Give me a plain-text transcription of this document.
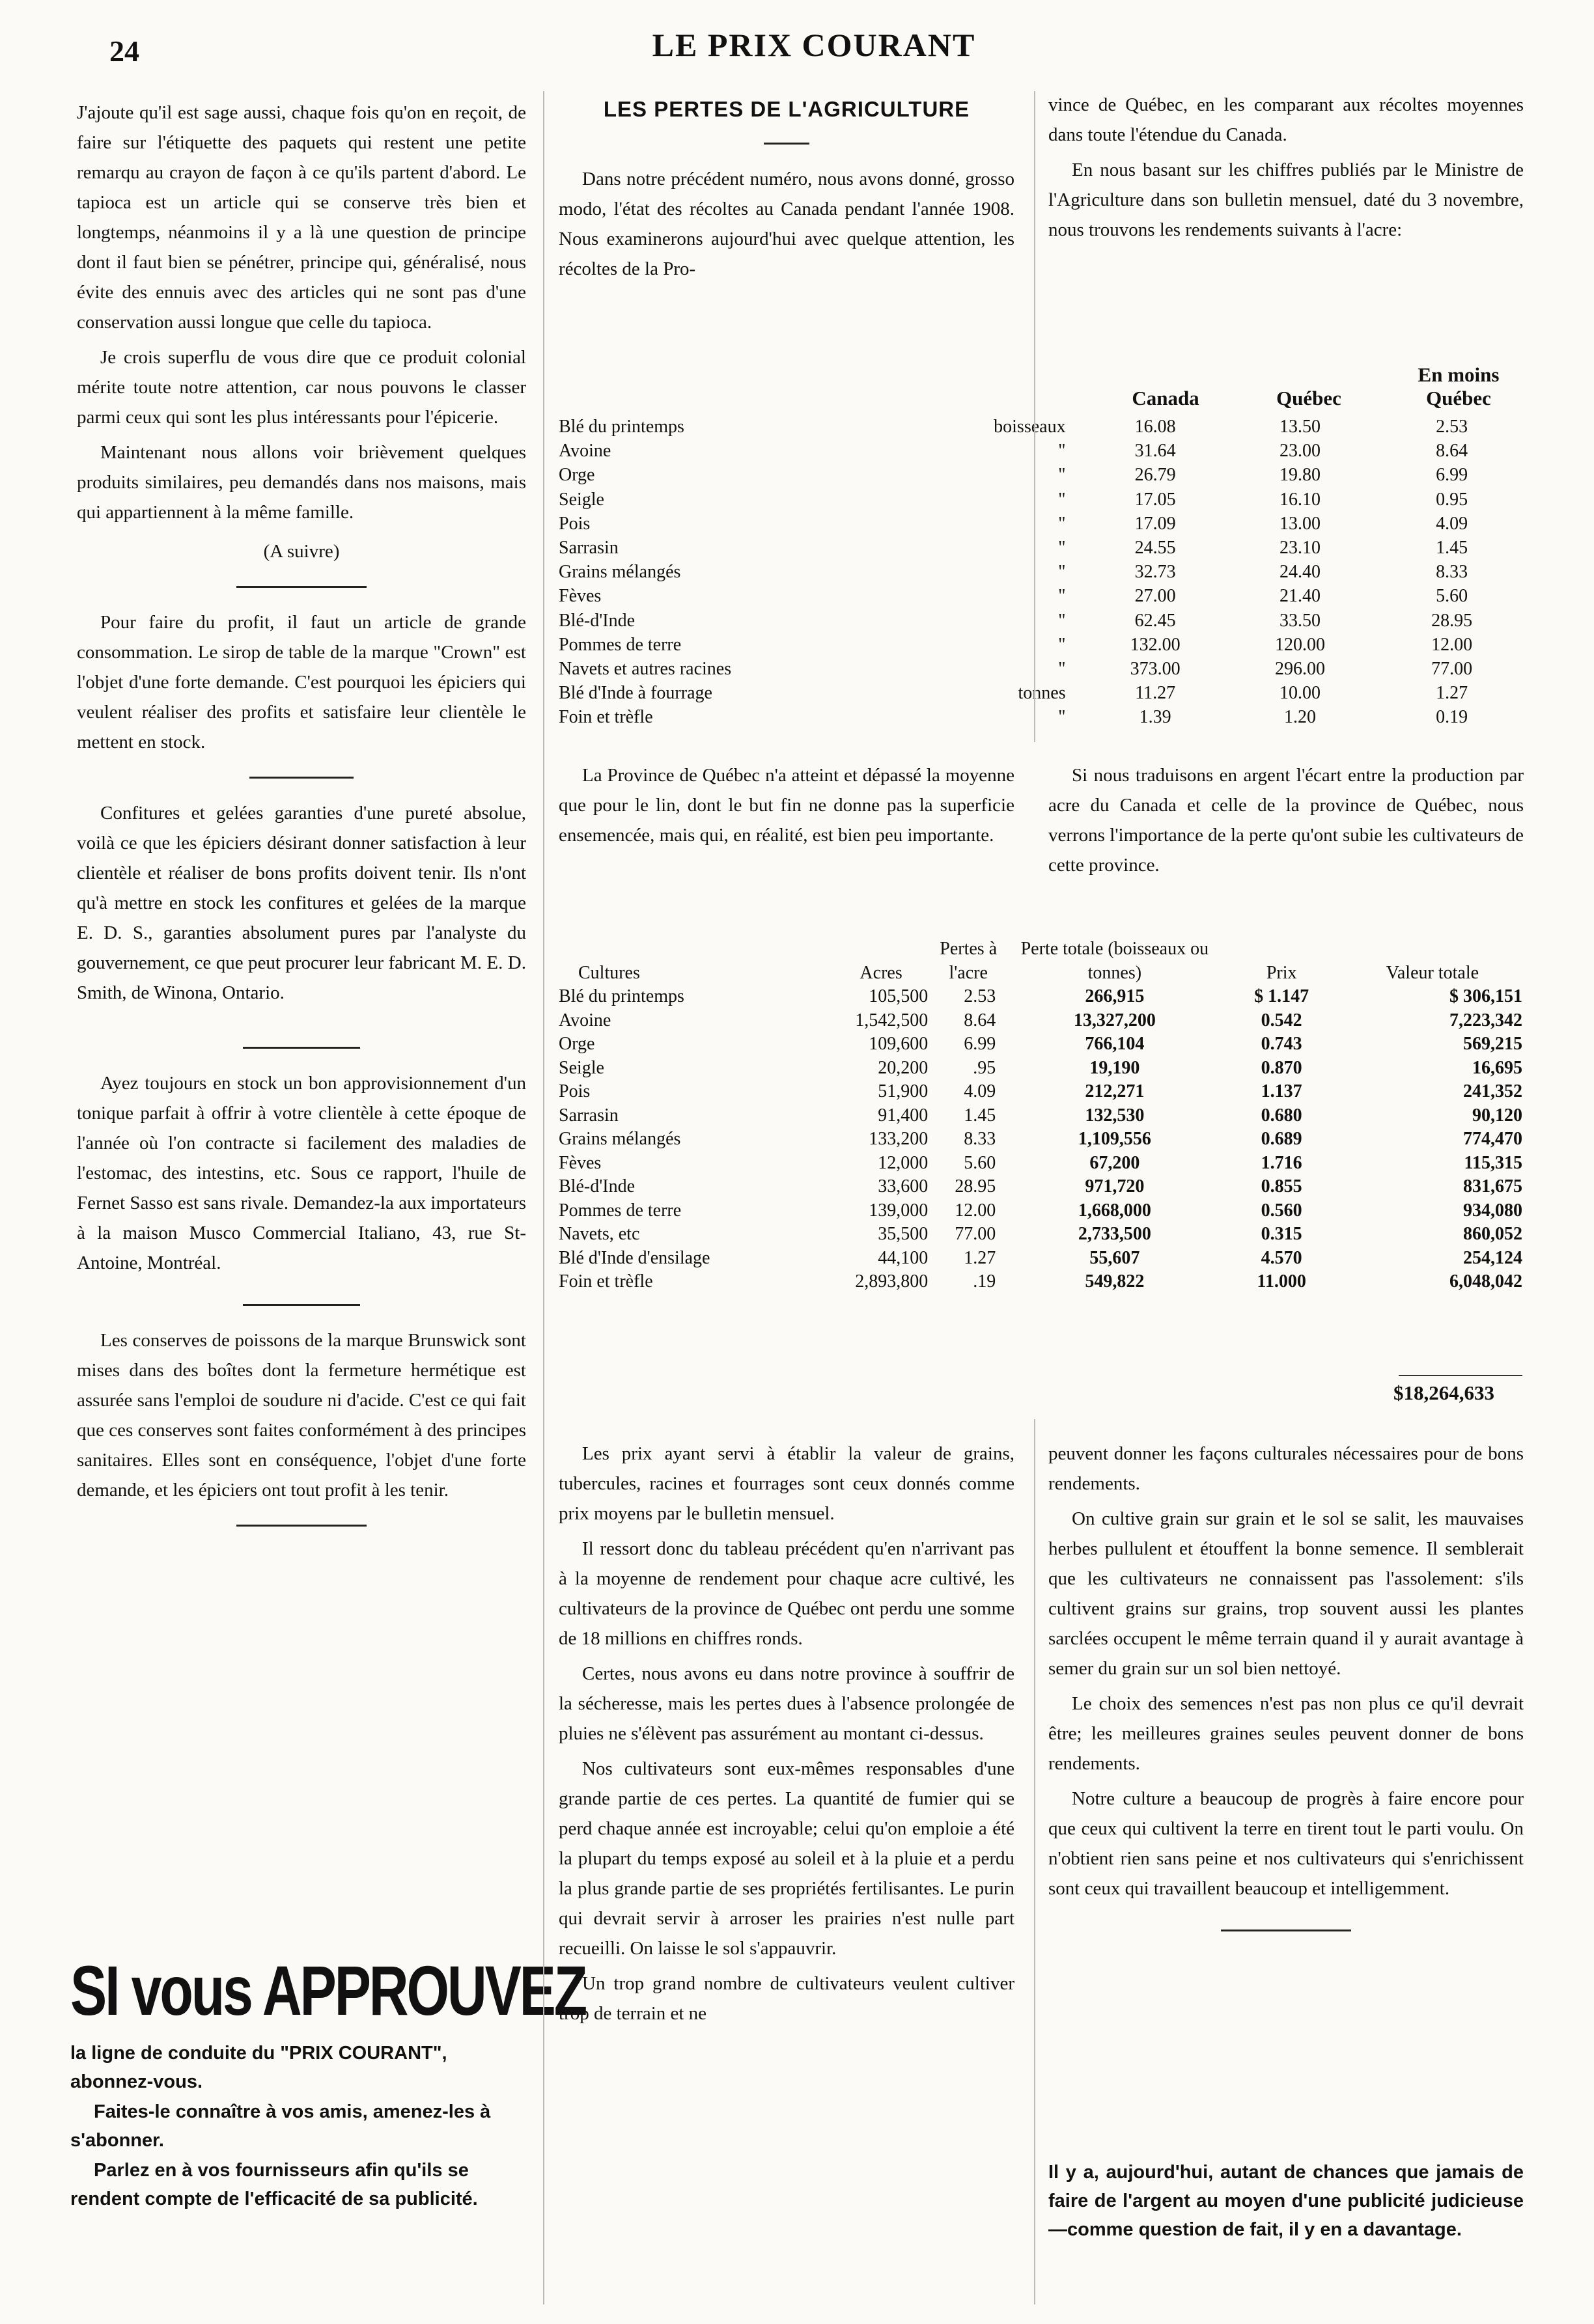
24	LE PRIX COURANT

J'ajoute qu'il est sage aussi, chaque fois qu'on en reçoit, de faire sur l'étiquette des paquets qui restent une petite remarqu au crayon de façon à ce qu'ils partent d'abord. Le tapioca est un article qui se conserve très bien et longtemps, néanmoins il y a là une question de principe dont il faut bien se pénétrer, principe qui, généralisé, nous évite des ennuis avec des articles qui ne sont pas d'une conservation aussi longue que celle du tapioca.

Je crois superflu de vous dire que ce produit colonial mérite toute notre attention, car nous pouvons le classer parmi ceux qui sont les plus intéressants pour l'épicerie.

Maintenant nous allons voir brièvement quelques produits similaires, peu demandés dans nos maisons, mais qui appartiennent à la même famille.

(A suivre)

Pour faire du profit, il faut un article de grande consommation. Le sirop de table de la marque "Crown" est l'objet d'une forte demande. C'est pourquoi les épiciers qui veulent réaliser des profits et satisfaire leur clientèle le mettent en stock.

Confitures et gelées garanties d'une pureté absolue, voilà ce que les épiciers désirant donner satisfaction à leur clientèle et réaliser de bons profits doivent tenir. Ils n'ont qu'à mettre en stock les confitures et gelées de la marque E. D. S., garanties absolument pures par l'analyste du gouvernement, ce que peut procurer leur fabricant M. E. D. Smith, de Winona, Ontario.

Ayez toujours en stock un bon approvisionnement d'un tonique parfait à offrir à votre clientèle à cette époque de l'année où l'on contracte si facilement des maladies de l'estomac, des intestins, etc. Sous ce rapport, l'huile de Fernet Sasso est sans rivale. Demandez-la aux importateurs à la maison Musco Commercial Italiano, 43, rue St-Antoine, Montréal.

Les conserves de poissons de la marque Brunswick sont mises dans des boîtes dont la fermeture hermétique est assurée sans l'emploi de soudure ni d'acide. C'est ce qui fait que ces conserves sont faites conformément à des principes sanitaires. Elles sont en conséquence, l'objet d'une forte demande, et les épiciers ont tout profit à les tenir.

SI vous APPROUVEZ

la ligne de conduite du "PRIX COURANT", abonnez-vous.

Faites-le connaître à vos amis, amenez-les à s'abonner.

Parlez en à vos fournisseurs afin qu'ils se rendent compte de l'efficacité de sa publicité.

LES PERTES DE L'AGRICULTURE

Dans notre précédent numéro, nous avons donné, grosso modo, l'état des récoltes au Canada pendant l'année 1908. Nous examinerons aujourd'hui avec quelque attention, les récoltes de la Pro-

vince de Québec, en les comparant aux récoltes moyennes dans toute l'étendue du Canada.

En nous basant sur les chiffres publiés par le Ministre de l'Agriculture dans son bulletin mensuel, daté du 3 novembre, nous trouvons les rendements suivants à l'acre:

Canada	Québec
En moins Québec
Blé du printemps	boisseaux	16.08	13.50	2.53
Avoine	"	31.64	23.00	8.64
Orge	"	26.79	19.80	6.99
Seigle	"	17.05	16.10	0.95
Pois	"	17.09	13.00	4.09
Sarrasin	"	24.55	23.10	1.45
Grains mélangés	"	32.73	24.40	8.33
Fèves	"	27.00	21.40	5.60
Blé-d'Inde	"	62.45	33.50	28.95
Pommes de terre	"	132.00	120.00	12.00
Navets et autres racines	"	373.00	296.00	77.00
Blé d'Inde à fourrage	tonnes	11.27	10.00	1.27
Foin et trèfle	"	1.39	1.20	0.19

La Province de Québec n'a atteint et dépassé la moyenne que pour le lin, dont le but fin ne donne pas la superficie ensemencée, mais qui, en réalité, est bien peu importante.

Si nous traduisons en argent l'écart entre la production par acre du Canada et celle de la province de Québec, nous verrons l'importance de la perte qu'ont subie les cultivateurs de cette province.

Cultures	Acres	Pertes à l'acre	Perte totale (boisseaux ou tonnes)	Prix	Valeur totale
Blé du printemps	105,500	2.53	266,915	$ 1.147	$ 306,151
Avoine	1,542,500	8.64	13,327,200	0.542	7,223,342
Orge	109,600	6.99	766,104	0.743	569,215
Seigle	20,200	.95	19,190	0.870	16,695
Pois	51,900	4.09	212,271	1.137	241,352
Sarrasin	91,400	1.45	132,530	0.680	90,120
Grains mélangés	133,200	8.33	1,109,556	0.689	774,470
Fèves	12,000	5.60	67,200	1.716	115,315
Blé-d'Inde	33,600	28.95	971,720	0.855	831,675
Pommes de terre	139,000	12.00	1,668,000	0.560	934,080
Navets, etc	35,500	77.00	2,733,500	0.315	860,052
Blé d'Inde d'ensilage	44,100	1.27	55,607	4.570	254,124
Foin et trèfle	2,893,800	.19	549,822	11.000	6,048,042
$18,264,633

Les prix ayant servi à établir la valeur de grains, tubercules, racines et fourrages sont ceux donnés comme prix moyens par le bulletin mensuel.

Il ressort donc du tableau précédent qu'en n'arrivant pas à la moyenne de rendement pour chaque acre cultivé, les cultivateurs de la province de Québec ont perdu une somme de 18 millions en chiffres ronds.

Certes, nous avons eu dans notre province à souffrir de la sécheresse, mais les pertes dues à l'absence prolongée de pluies ne s'élèvent pas assurément au montant ci-dessus.

Nos cultivateurs sont eux-mêmes responsables d'une grande partie de ces pertes. La quantité de fumier qui se perd chaque année est incroyable; celui qu'on emploie a été la plupart du temps exposé au soleil et à la pluie et a perdu la plus grande partie de ses propriétés fertilisantes. Le purin qui devrait servir à arroser les prairies n'est nulle part recueilli. On laisse le sol s'appauvrir.

Un trop grand nombre de cultivateurs veulent cultiver trop de terrain et ne

peuvent donner les façons culturales nécessaires pour de bons rendements.

On cultive grain sur grain et le sol se salit, les mauvaises herbes pullulent et étouffent la bonne semence. Il semblerait que les cultivateurs ne connaissent pas l'assolement: s'ils cultivent grains sur grains, trop souvent aussi les plantes sarclées occupent le même terrain quand il y aurait avantage à semer du grain sur un sol bien nettoyé.

Le choix des semences n'est pas non plus ce qu'il devrait être; les meilleures graines seules peuvent donner de bons rendements.

Notre culture a beaucoup de progrès à faire encore pour que ceux qui cultivent la terre en tirent tout le parti voulu. On n'obtient rien sans peine et nos cultivateurs qui s'enrichissent sont ceux qui travaillent beaucoup et intelligemment.

Il y a, aujourd'hui, autant de chances que jamais de faire de l'argent au moyen d'une publicité judicieuse—comme question de fait, il y en a davantage.
